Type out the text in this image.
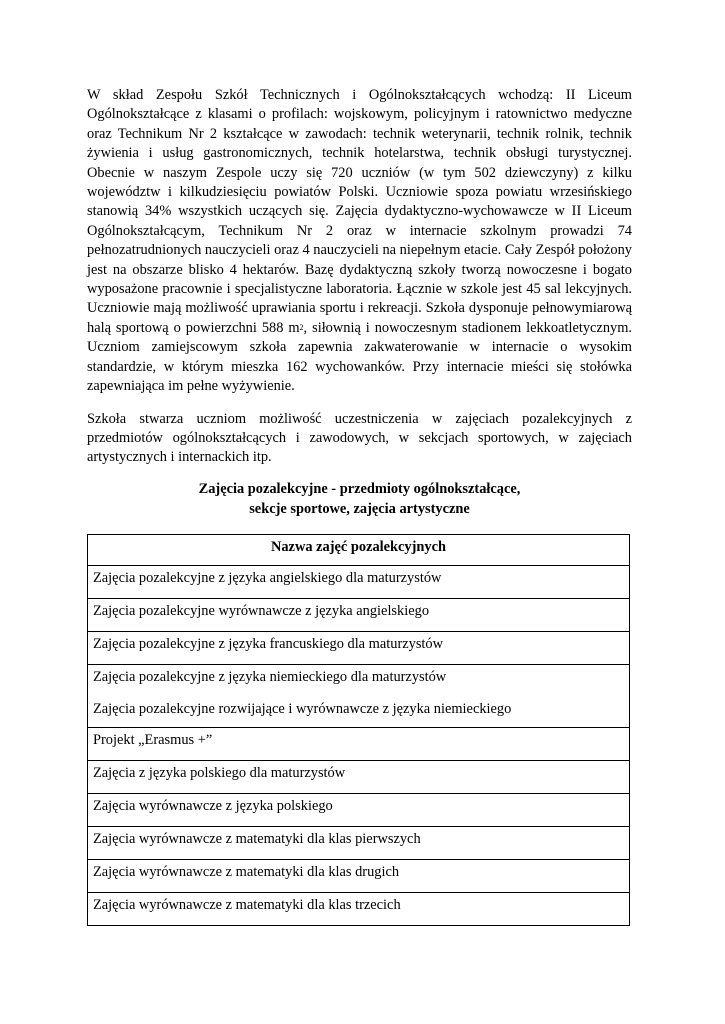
W skład Zespołu Szkół Technicznych i Ogólnokształcących wchodzą: II Liceum Ogólnokształcące z klasami o profilach: wojskowym, policyjnym i ratownictwo medyczne oraz Technikum Nr 2 kształcące w zawodach: technik weterynarii, technik rolnik, technik żywienia i usług gastronomicznych, technik hotelarstwa, technik obsługi turystycznej. Obecnie w naszym Zespole uczy się 720 uczniów (w tym 502 dziewczyny) z kilku województw i kilkudziesięciu powiatów Polski. Uczniowie spoza powiatu wrzesińskiego stanowią 34% wszystkich uczących się. Zajęcia dydaktyczno-wychowawcze w II Liceum Ogólnokształcącym, Technikum Nr 2 oraz w internacie szkolnym prowadzi 74 pełnozatrudnionych nauczycieli oraz 4 nauczycieli na niepełnym etacie. Cały Zespół położony jest na obszarze blisko 4 hektarów. Bazę dydaktyczną szkoły tworzą nowoczesne i bogato wyposażone pracownie i specjalistyczne laboratoria. Łącznie w szkole jest 45 sal lekcyjnych. Uczniowie mają możliwość uprawiania sportu i rekreacji. Szkoła dysponuje pełnowymiarową halą sportową o powierzchni 588 $m^2$, siłownią i nowoczesnym stadionem lekkoatletycznym. Uczniom zamiejscowym szkoła zapewnia zakwaterowanie w internacie o wysokim standardzie, w którym mieszka 162 wychowanków. Przy internacie mieści się stołówka zapewniająca im pełne wyżywienie.

Szkoła stwarza uczniom możliwość uczestniczenia w zajęciach pozalekcyjnych z przedmiotów ogólnokształcących i zawodowych, w sekcjach sportowych, w zajęciach artystycznych i internackich itp.

Zajęcia pozalekcyjne - przedmioty ogólnokształcące,
sekcje sportowe, zajęcia artystyczne
Nazwa zajęć pozalekcyjnych
Zajęcia pozalekcyjne z języka angielskiego dla maturzystów
Zajęcia pozalekcyjne wyrównawcze z języka angielskiego
Zajęcia pozalekcyjne z języka francuskiego dla maturzystów

Zajęcia pozalekcyjne z języka niemieckiego dla maturzystów
Zajęcia pozalekcyjne rozwijające i wyrównawcze z języka niemieckiego

Projekt „Erasmus +”
Zajęcia z języka polskiego dla maturzystów
Zajęcia wyrównawcze z języka polskiego
Zajęcia wyrównawcze z matematyki dla klas pierwszych
Zajęcia wyrównawcze z matematyki dla klas drugich
Zajęcia wyrównawcze z matematyki dla klas trzecich
